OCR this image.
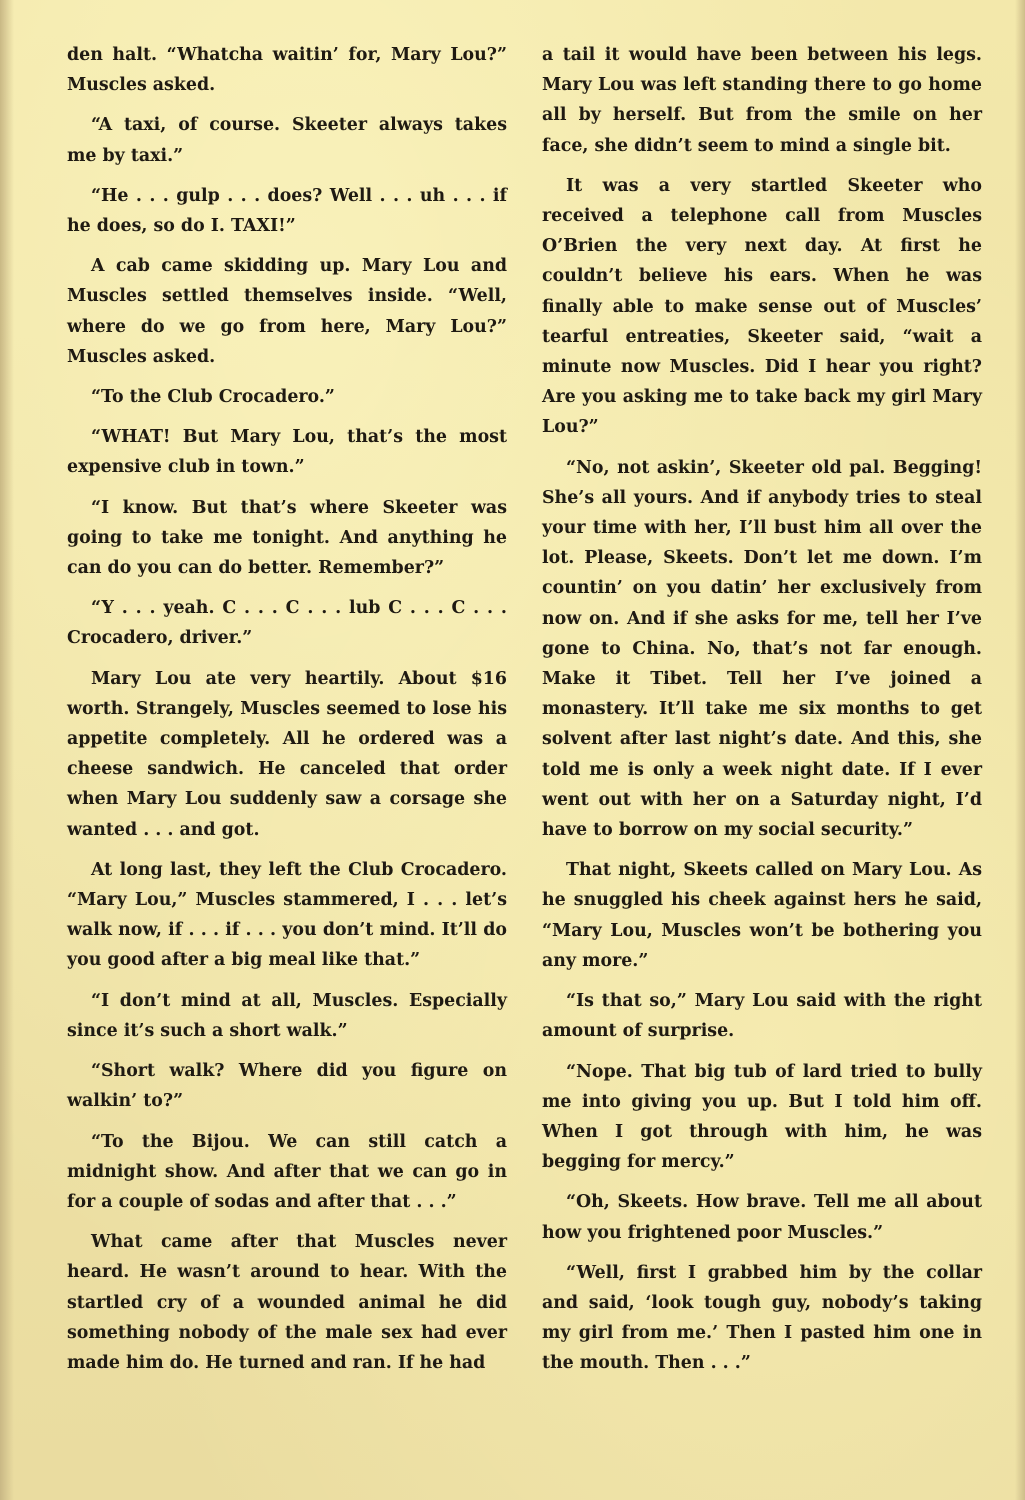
den halt. “Whatcha waitin’ for, Mary Lou?” Muscles asked.

“A taxi, of course. Skeeter always takes me by taxi.”

“He . . . gulp . . . does? Well . . . uh . . . if he does, so do I. TAXI!”

A cab came skidding up. Mary Lou and Muscles settled themselves inside. “Well, where do we go from here, Mary Lou?” Muscles asked.

“To the Club Crocadero.”

“WHAT! But Mary Lou, that’s the most expensive club in town.”

“I know. But that’s where Skeeter was going to take me tonight. And anything he can do you can do better. Remember?”

“Y . . . yeah. C . . . C . . . lub C . . . C . . . Crocadero, driver.”

Mary Lou ate very heartily. About $16 worth. Strangely, Muscles seemed to lose his appetite completely. All he ordered was a cheese sandwich. He canceled that order when Mary Lou suddenly saw a corsage she wanted . . . and got.

At long last, they left the Club Crocadero. “Mary Lou,” Muscles stammered, I . . . let’s walk now, if . . . if . . . you don’t mind. It’ll do you good after a big meal like that.”

“I don’t mind at all, Muscles. Especially since it’s such a short walk.”

“Short walk? Where did you figure on walkin’ to?”

“To the Bijou. We can still catch a midnight show. And after that we can go in for a couple of sodas and after that . . .”

What came after that Muscles never heard. He wasn’t around to hear. With the startled cry of a wounded animal he did something nobody of the male sex had ever made him do. He turned and ran. If he had

a tail it would have been between his legs. Mary Lou was left standing there to go home all by herself. But from the smile on her face, she didn’t seem to mind a single bit.

It was a very startled Skeeter who received a telephone call from Muscles O’Brien the very next day. At first he couldn’t believe his ears. When he was finally able to make sense out of Muscles’ tearful entreaties, Skeeter said, “wait a minute now Muscles. Did I hear you right? Are you asking me to take back my girl Mary Lou?”

“No, not askin’, Skeeter old pal. Begging! She’s all yours. And if anybody tries to steal your time with her, I’ll bust him all over the lot. Please, Skeets. Don’t let me down. I’m countin’ on you datin’ her exclusively from now on. And if she asks for me, tell her I’ve gone to China. No, that’s not far enough. Make it Tibet. Tell her I’ve joined a monastery. It’ll take me six months to get solvent after last night’s date. And this, she told me is only a week night date. If I ever went out with her on a Saturday night, I’d have to borrow on my social security.”

That night, Skeets called on Mary Lou. As he snuggled his cheek against hers he said, “Mary Lou, Muscles won’t be bothering you any more.”

“Is that so,” Mary Lou said with the right amount of surprise.

“Nope. That big tub of lard tried to bully me into giving you up. But I told him off. When I got through with him, he was begging for mercy.”

“Oh, Skeets. How brave. Tell me all about how you frightened poor Muscles.”

“Well, first I grabbed him by the collar and said, ‘look tough guy, nobody’s taking my girl from me.’ Then I pasted him one in the mouth. Then . . .”
